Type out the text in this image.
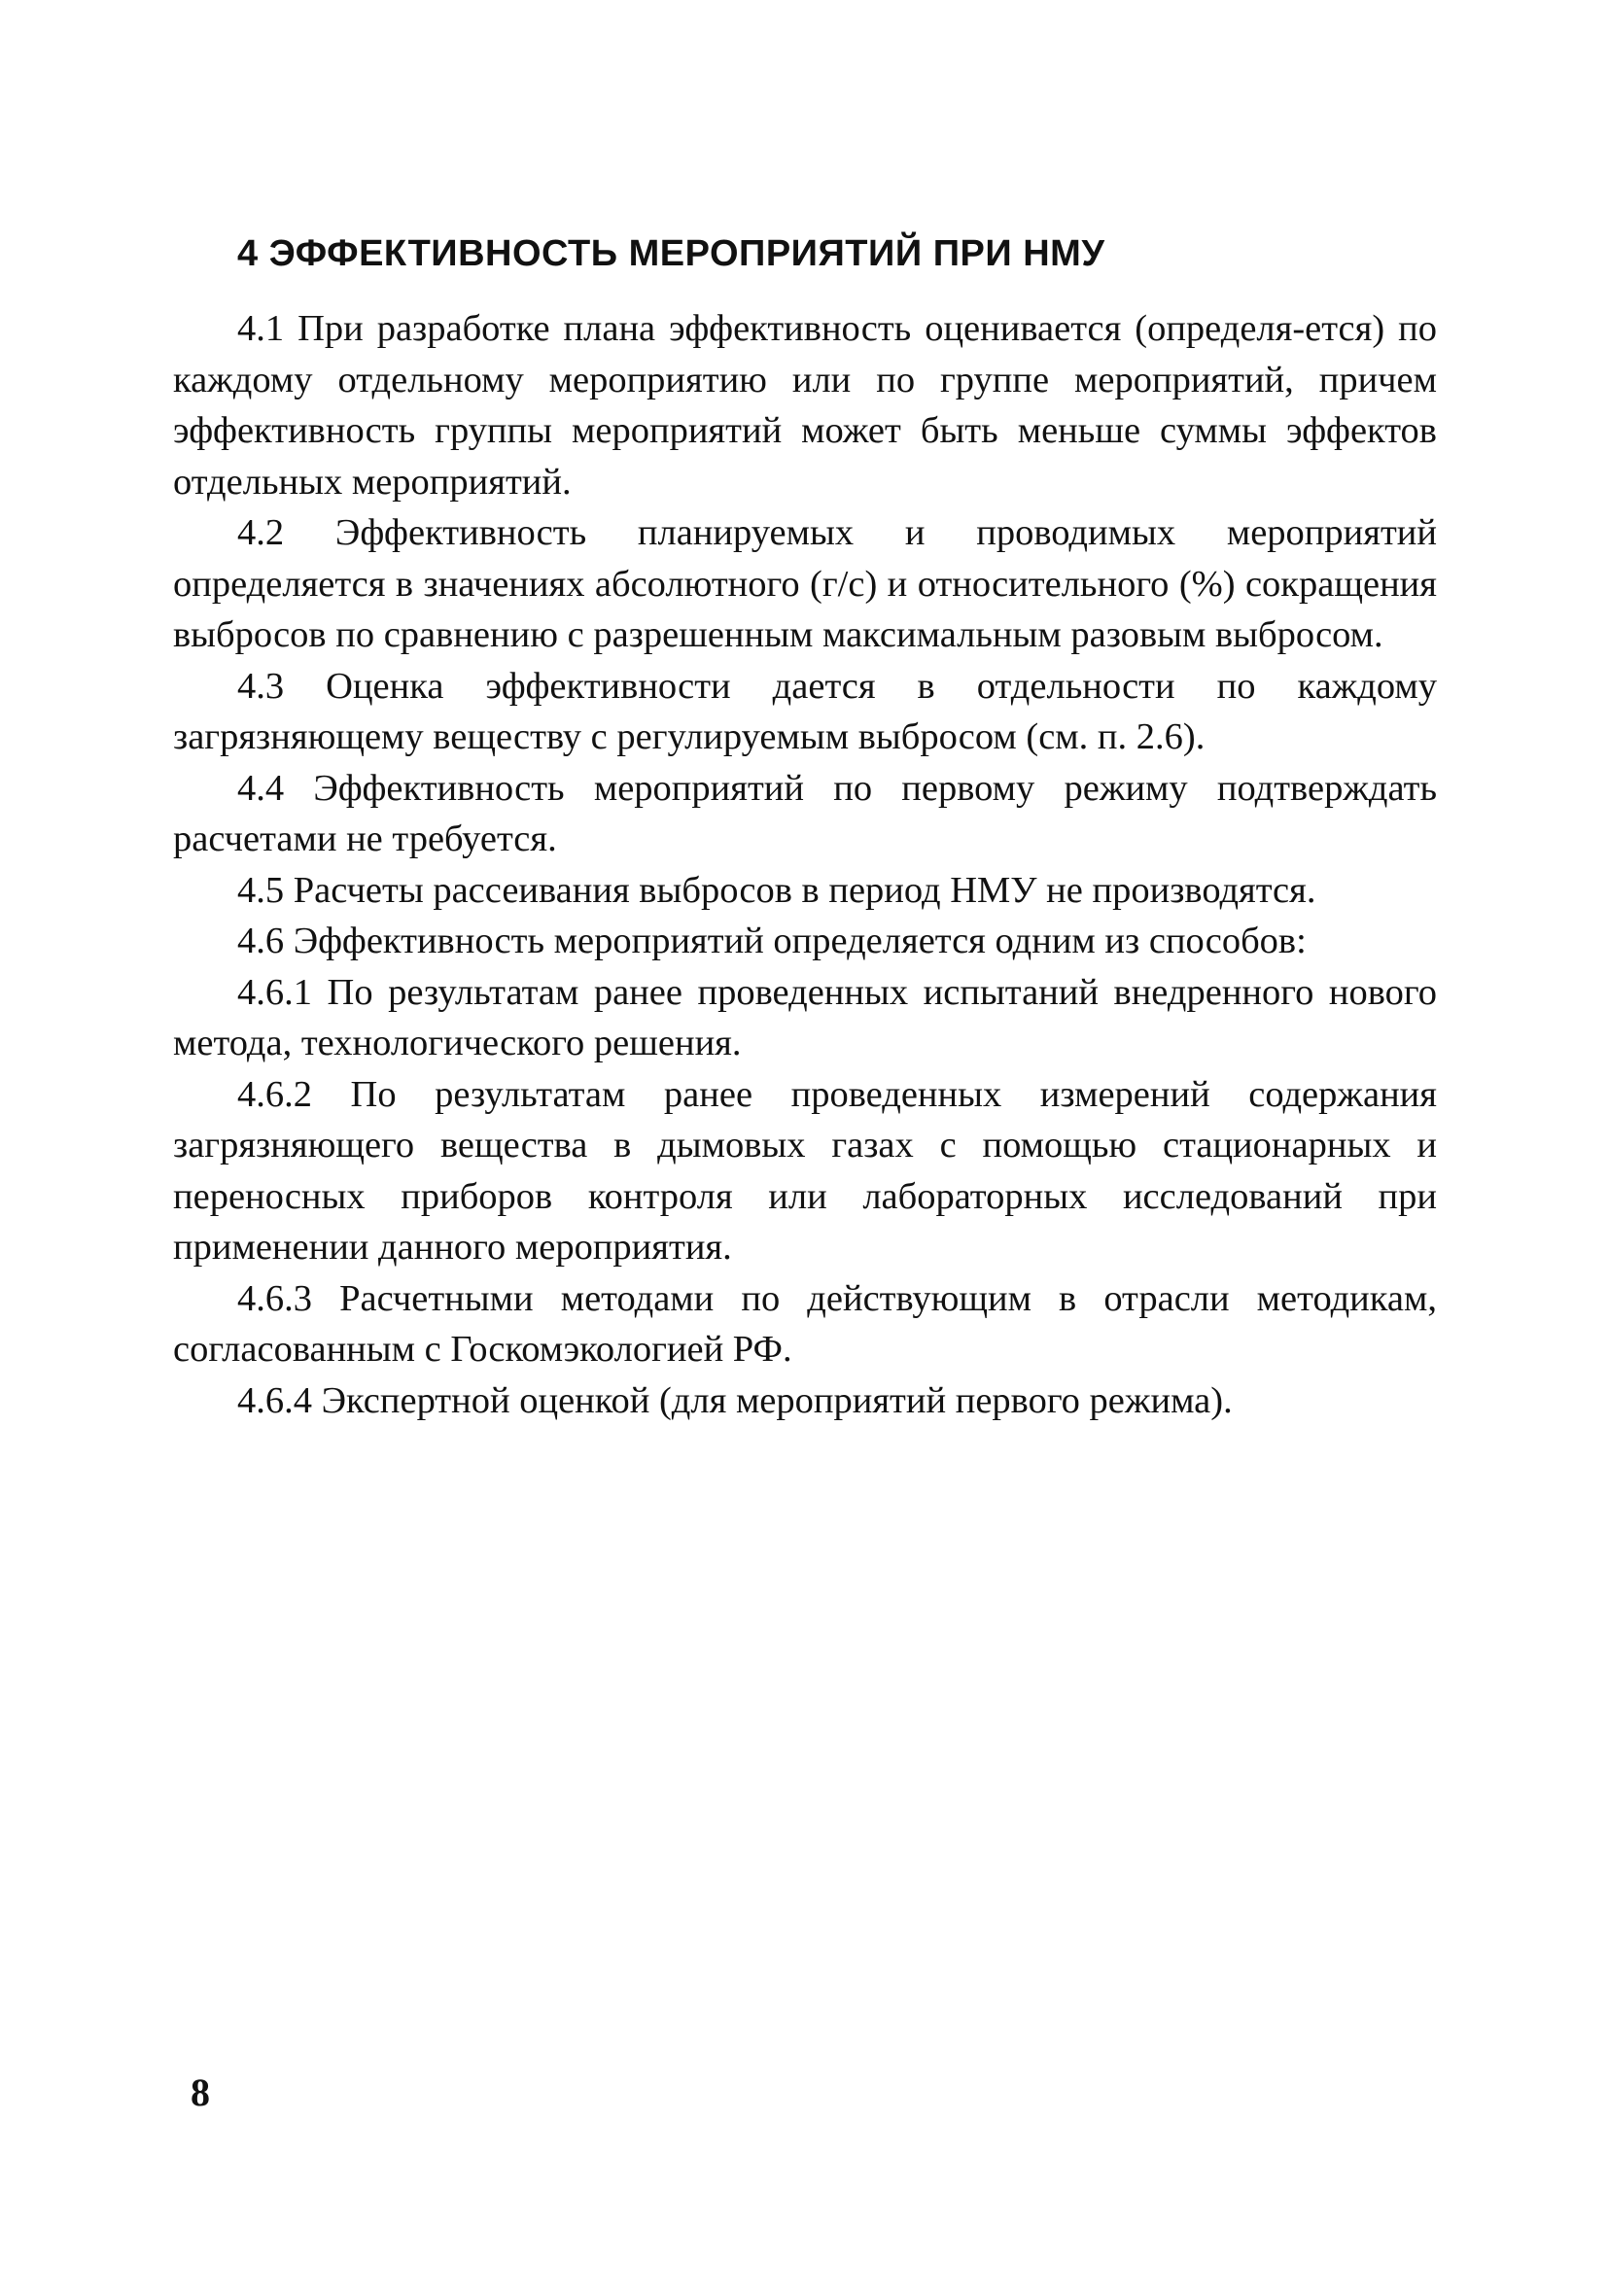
4 ЭФФЕКТИВНОСТЬ МЕРОПРИЯТИЙ ПРИ НМУ

4.1 При разработке плана эффективность оценивается (определя-ется) по каждому отдельному мероприятию или по группе мероприятий, причем эффективность группы мероприятий может быть меньше суммы эффектов отдельных мероприятий.

4.2 Эффективность планируемых и проводимых мероприятий определяется в значениях абсолютного (г/с) и относительного (%) сокращения выбросов по сравнению с разрешенным максимальным разовым выбросом.

4.3 Оценка эффективности дается в отдельности по каждому загрязняющему веществу с регулируемым выбросом (см. п. 2.6).

4.4 Эффективность мероприятий по первому режиму подтверждать расчетами не требуется.

4.5 Расчеты рассеивания выбросов в период НМУ не производятся.

4.6 Эффективность мероприятий определяется одним из способов:

4.6.1 По результатам ранее проведенных испытаний внедренного нового метода, технологического решения.

4.6.2 По результатам ранее проведенных измерений содержания загрязняющего вещества в дымовых газах с помощью стационарных и переносных приборов контроля или лабораторных исследований при применении данного мероприятия.

4.6.3 Расчетными методами по действующим в отрасли методикам, согласованным с Госкомэкологией РФ.

4.6.4 Экспертной оценкой (для мероприятий первого режима).

8
